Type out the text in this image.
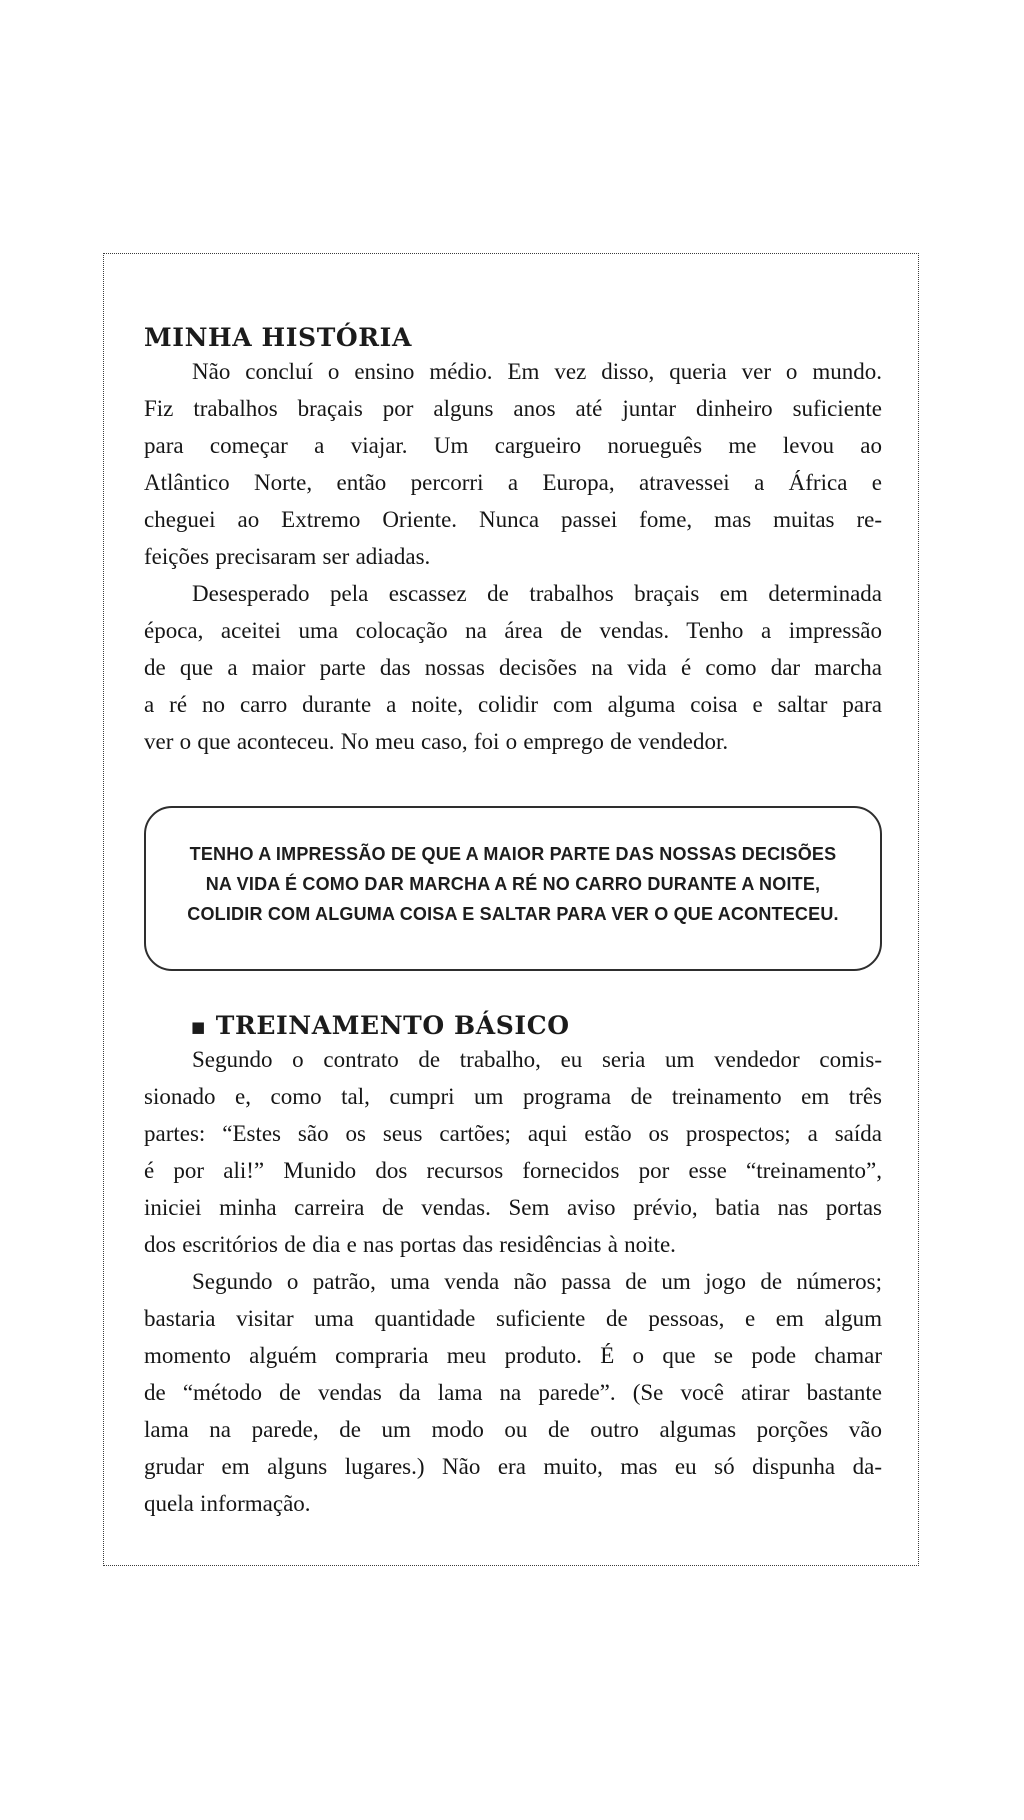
MINHA HISTÓRIA
Não concluí o ensino médio. Em vez disso, queria ver o mundo.
Fiz trabalhos braçais por alguns anos até juntar dinheiro suficiente
para começar a viajar. Um cargueiro norueguês me levou ao
Atlântico Norte, então percorri a Europa, atravessei a África e
cheguei ao Extremo Oriente. Nunca passei fome, mas muitas re-
feições precisaram ser adiadas.
Desesperado pela escassez de trabalhos braçais em determinada
época, aceitei uma colocação na área de vendas. Tenho a impressão
de que a maior parte das nossas decisões na vida é como dar marcha
a ré no carro durante a noite, colidir com alguma coisa e saltar para
ver o que aconteceu. No meu caso, foi o emprego de vendedor.
TENHO A IMPRESSÃO DE QUE A MAIOR PARTE DAS NOSSAS DECISÕES
NA VIDA É COMO DAR MARCHA A RÉ NO CARRO DURANTE A NOITE,
COLIDIR COM ALGUMA COISA E SALTAR PARA VER O QUE ACONTECEU.
■ TREINAMENTO BÁSICO
Segundo o contrato de trabalho, eu seria um vendedor comis-
sionado e, como tal, cumpri um programa de treinamento em três
partes: “Estes são os seus cartões; aqui estão os prospectos; a saída
é por ali!” Munido dos recursos fornecidos por esse “treinamento”,
iniciei minha carreira de vendas. Sem aviso prévio, batia nas portas
dos escritórios de dia e nas portas das residências à noite.
Segundo o patrão, uma venda não passa de um jogo de números;
bastaria visitar uma quantidade suficiente de pessoas, e em algum
momento alguém compraria meu produto. É o que se pode chamar
de “método de vendas da lama na parede”. (Se você atirar bastante
lama na parede, de um modo ou de outro algumas porções vão
grudar em alguns lugares.) Não era muito, mas eu só dispunha da-
quela informação.
